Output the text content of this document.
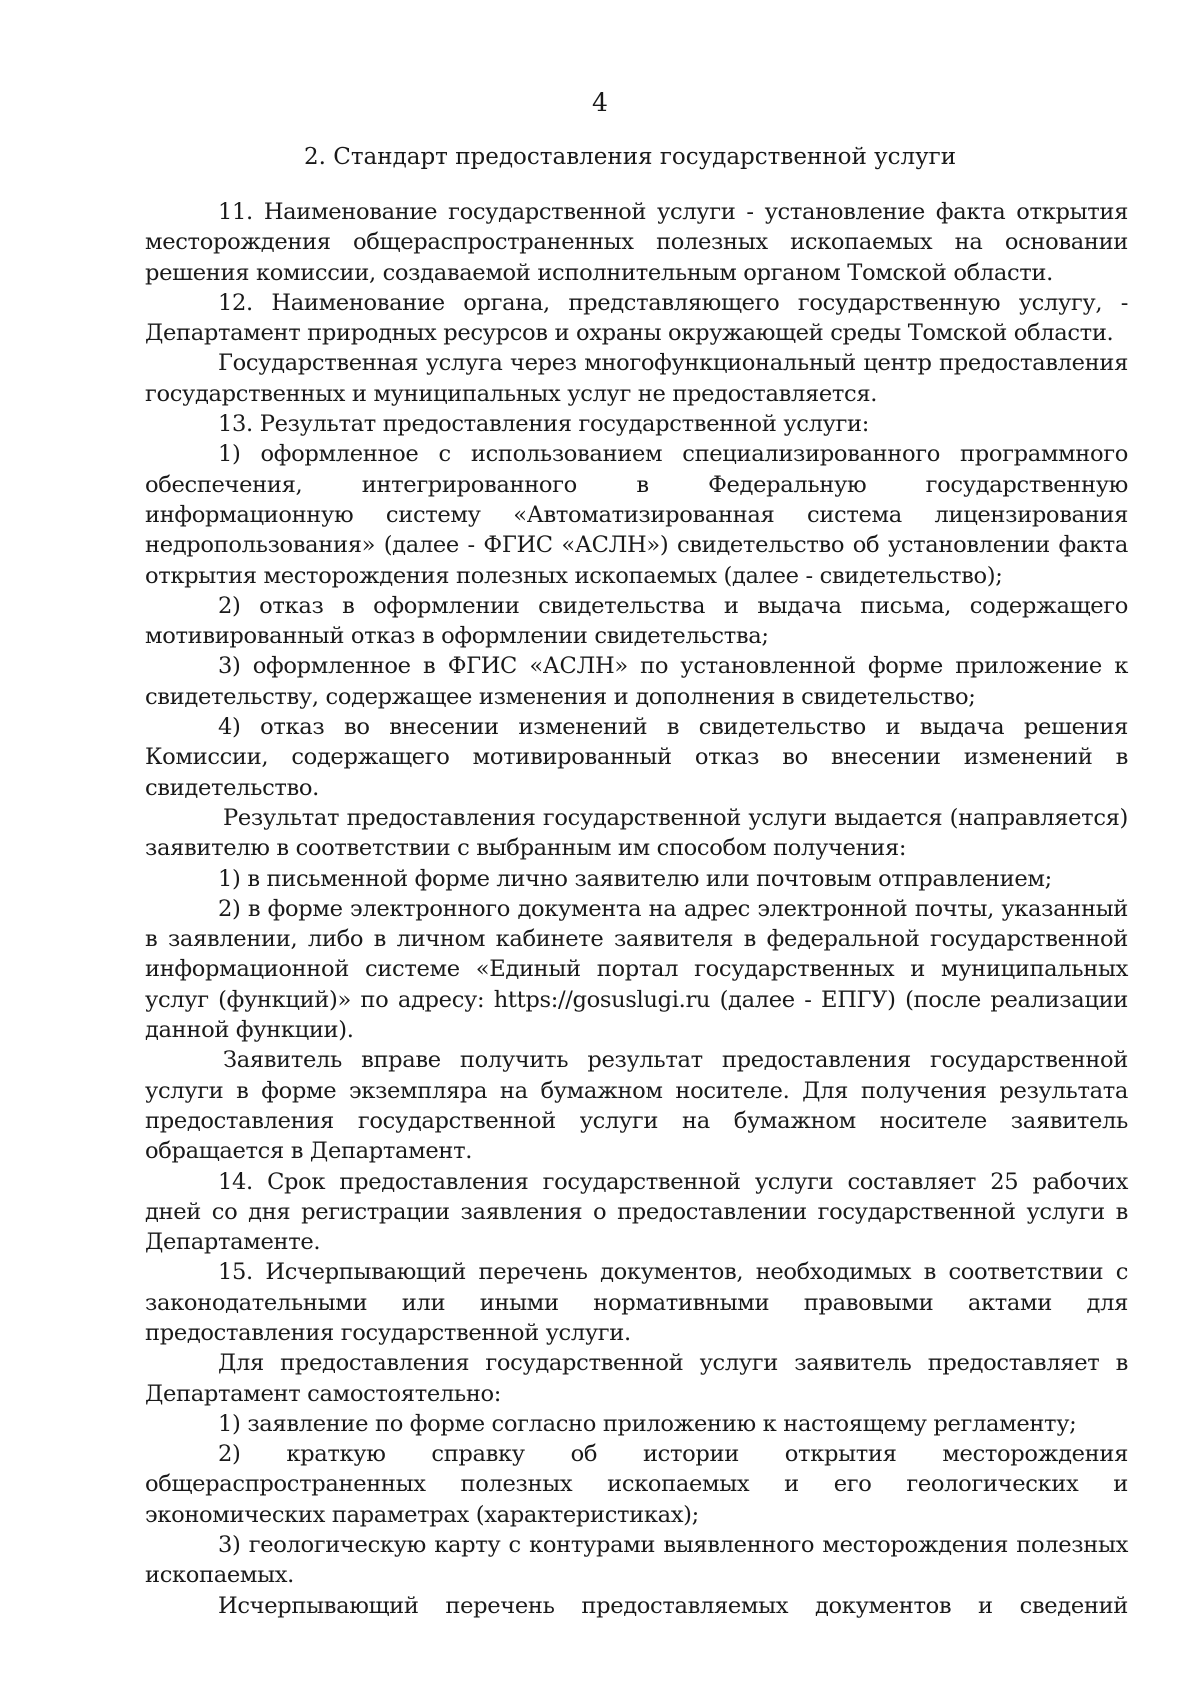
4
2. Стандарт предоставления государственной услуги

11. Наименование государственной услуги - установление факта открытия месторождения общераспространенных полезных ископаемых на основании решения комиссии, создаваемой исполнительным органом Томской области.

12. Наименование органа, представляющего государственную услугу, - Департамент природных ресурсов и охраны окружающей среды Томской области.

Государственная услуга через многофункциональный центр предоставления государственных и муниципальных услуг не предоставляется.

13. Результат предоставления государственной услуги:

1) оформленное с использованием специализированного программного обеспечения, интегрированного в Федеральную государственную информационную систему «Автоматизированная система лицензирования недропользования» (далее - ФГИС «АСЛН») свидетельство об установлении факта открытия месторождения полезных ископаемых (далее - свидетельство);

2) отказ в оформлении свидетельства и выдача письма, содержащего мотивированный отказ в оформлении свидетельства;

3) оформленное в ФГИС «АСЛН» по установленной форме приложение к свидетельству, содержащее изменения и дополнения в свидетельство;

4) отказ во внесении изменений в свидетельство и выдача решения Комиссии, содержащего мотивированный отказ во внесении изменений в свидетельство.

Результат предоставления государственной услуги выдается (направляется) заявителю в соответствии с выбранным им способом получения:

1) в письменной форме лично заявителю или почтовым отправлением;

2) в форме электронного документа на адрес электронной почты, указанный в заявлении, либо в личном кабинете заявителя в федеральной государственной информационной системе «Единый портал государственных и муниципальных услуг (функций)» по адресу: https://gosuslugi.ru (далее - ЕПГУ) (после реализации данной функции).

Заявитель вправе получить результат предоставления государственной услуги в форме экземпляра на бумажном носителе. Для получения результата предоставления государственной услуги на бумажном носителе заявитель обращается в Департамент.

14. Срок предоставления государственной услуги составляет 25 рабочих дней со дня регистрации заявления о предоставлении государственной услуги в Департаменте.

15. Исчерпывающий перечень документов, необходимых в соответствии с законодательными или иными нормативными правовыми актами для предоставления государственной услуги.

Для предоставления государственной услуги заявитель предоставляет в Департамент самостоятельно:

1) заявление по форме согласно приложению к настоящему регламенту;

2) краткую справку об истории открытия месторождения общераспространенных полезных ископаемых и его геологических и экономических параметрах (характеристиках);

3) геологическую карту с контурами выявленного месторождения полезных ископаемых.

Исчерпывающий перечень предоставляемых документов и сведений
